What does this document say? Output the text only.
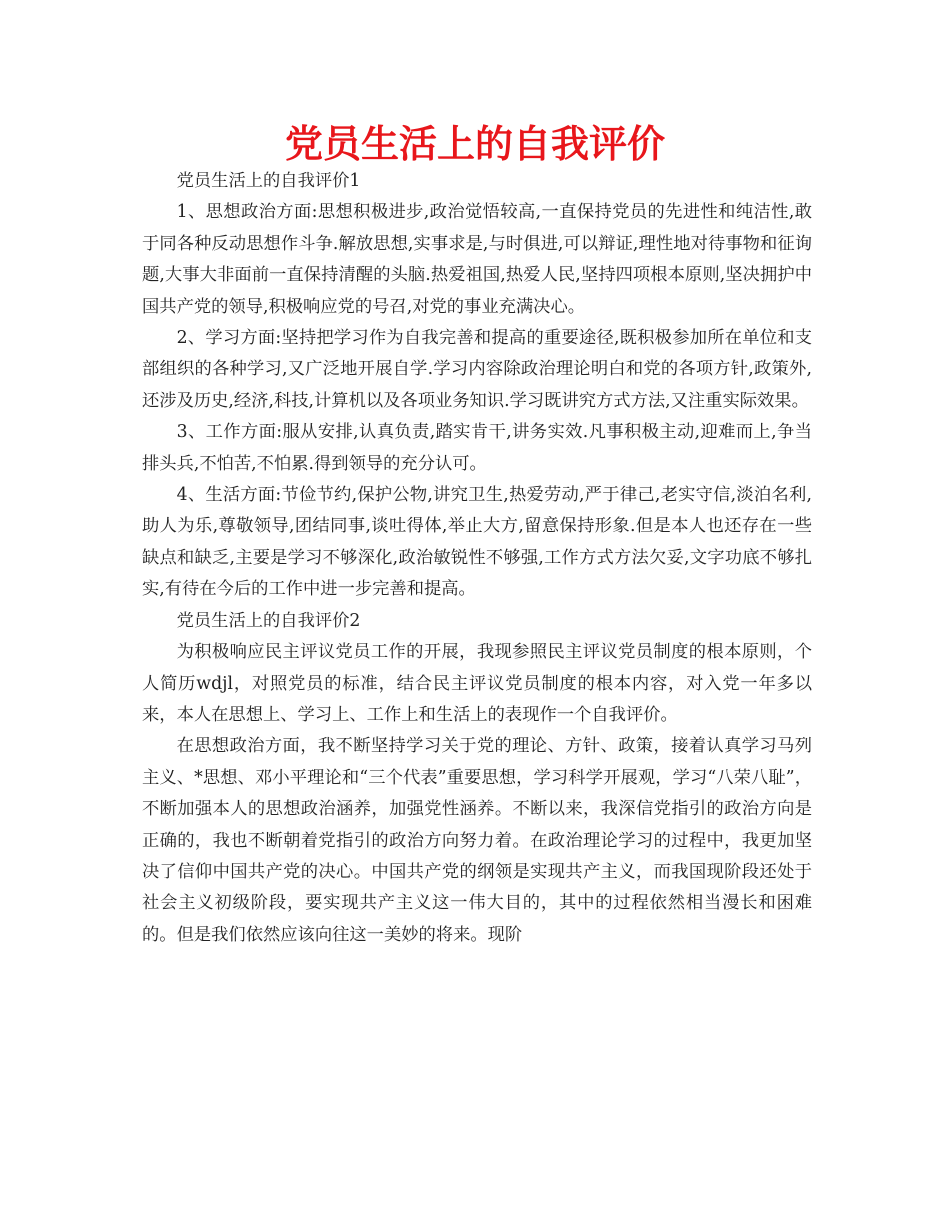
党员生活上的自我评价

党员生活上的自我评价1

1、思想政治方面:思想积极进步,政治觉悟较高,一直保持党员的先进性和纯洁性,敢于同各种反动思想作斗争.解放思想,实事求是,与时俱进,可以辩证,理性地对待事物和征询题,大事大非面前一直保持清醒的头脑.热爱祖国,热爱人民,坚持四项根本原则,坚决拥护中国共产党的领导,积极响应党的号召,对党的事业充满决心。

2、学习方面:坚持把学习作为自我完善和提高的重要途径,既积极参加所在单位和支部组织的各种学习,又广泛地开展自学.学习内容除政治理论明白和党的各项方针,政策外,还涉及历史,经济,科技,计算机以及各项业务知识.学习既讲究方式方法,又注重实际效果。

3、工作方面:服从安排,认真负责,踏实肯干,讲务实效.凡事积极主动,迎难而上,争当排头兵,不怕苦,不怕累.得到领导的充分认可。

4、生活方面:节俭节约,保护公物,讲究卫生,热爱劳动,严于律己,老实守信,淡泊名利,助人为乐,尊敬领导,团结同事,谈吐得体,举止大方,留意保持形象.但是本人也还存在一些缺点和缺乏,主要是学习不够深化,政治敏锐性不够强,工作方式方法欠妥,文字功底不够扎实,有待在今后的工作中进一步完善和提高。

党员生活上的自我评价2

为积极响应民主评议党员工作的开展，我现参照民主评议党员制度的根本原则，个人简历wdjl，对照党员的标准，结合民主评议党员制度的根本内容，对入党一年多以来，本人在思想上、学习上、工作上和生活上的表现作一个自我评价。

在思想政治方面，我不断坚持学习关于党的理论、方针、政策，接着认真学习马列主义、*思想、邓小平理论和“三个代表”重要思想，学习科学开展观，学习“八荣八耻”，不断加强本人的思想政治涵养，加强党性涵养。不断以来，我深信党指引的政治方向是正确的，我也不断朝着党指引的政治方向努力着。在政治理论学习的过程中，我更加坚决了信仰中国共产党的决心。中国共产党的纲领是实现共产主义，而我国现阶段还处于社会主义初级阶段，要实现共产主义这一伟大目的，其中的过程依然相当漫长和困难的。但是我们依然应该向往这一美妙的将来。现阶
